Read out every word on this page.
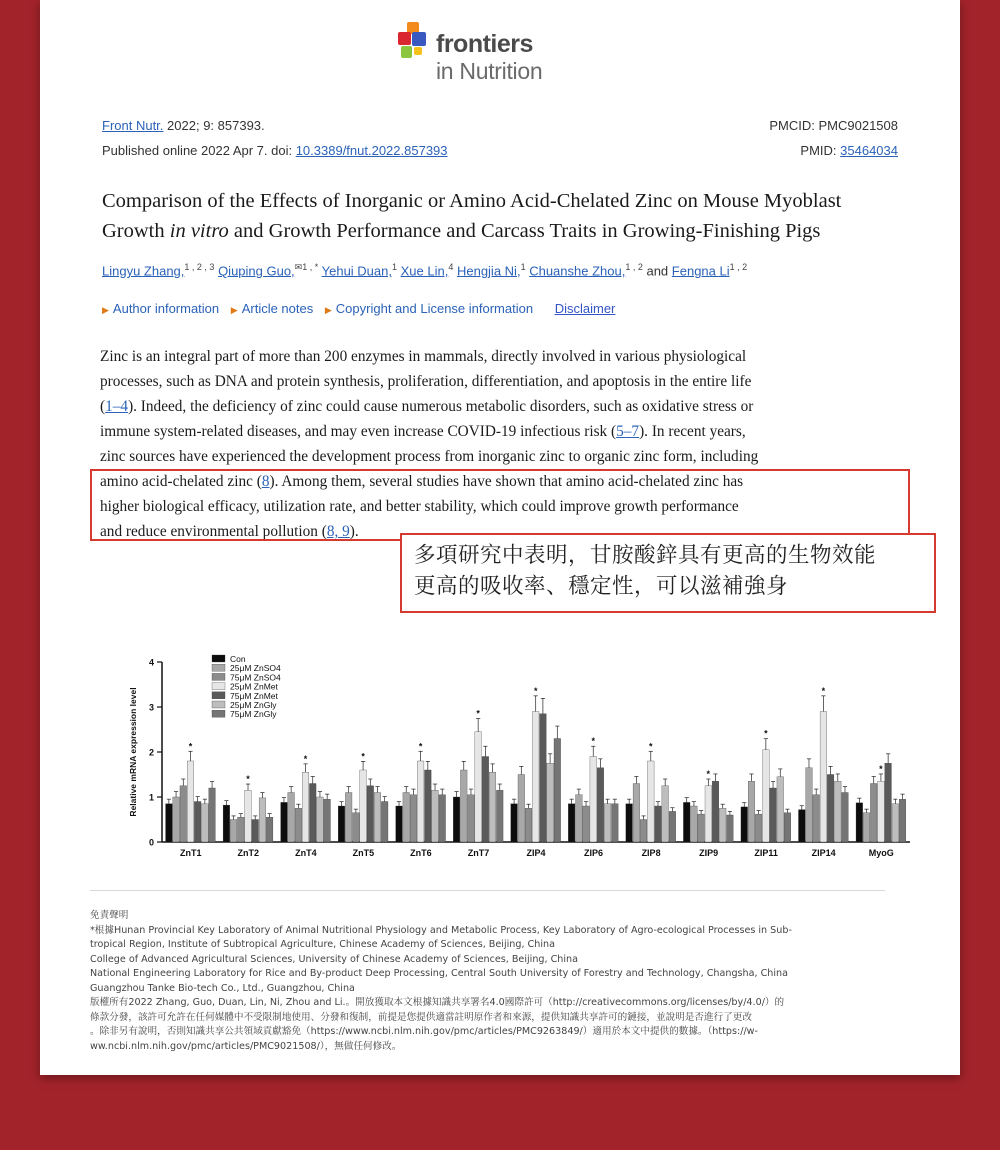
frontiers
in Nutrition
Front Nutr. 2022; 9: 857393.
Published online 2022 Apr 7. doi: 10.3389/fnut.2022.857393
PMCID: PMC9021508
PMID: 35464034
Comparison of the Effects of Inorganic or Amino Acid-Chelated Zinc on Mouse Myoblast
Growth in vitro and Growth Performance and Carcass Traits in Growing-Finishing Pigs
Lingyu Zhang,$^{1 , 2 , 3}$ Qiuping Guo,$^{✉1 , *}$ Yehui Duan,$^1$ Xue Lin,$^4$ Hengjia Ni,$^1$ Chuanshe Zhou,$^{1 , 2}$ and Fengna Li$^{1 , 2}$
▶ Author information ▶ Article notes ▶ Copyright and License information Disclaimer
Zinc is an integral part of more than 200 enzymes in mammals, directly involved in various physiological
processes, such as DNA and protein synthesis, proliferation, differentiation, and apoptosis in the entire life
(1–4). Indeed, the deficiency of zinc could cause numerous metabolic disorders, such as oxidative stress or
immune system-related diseases, and may even increase COVID-19 infectious risk (5–7). In recent years,
zinc sources have experienced the development process from inorganic zinc to organic zinc form, including
amino acid-chelated zinc (8). Among them, several studies have shown that amino acid-chelated zinc has
higher biological efficacy, utilization rate, and better stability, which could improve growth performance
and reduce environmental pollution (8, 9).
多項研究中表明，甘胺酸鋅具有更高的生物效能
更高的吸收率、穩定性，可以滋補強身
0
1
2
3
4
Relative mRNA expression level	*
ZnT1
*
ZnT2
*
ZnT4
*
ZnT5
*
ZnT6
*
ZnT7
*
ZIP4
*
ZIP6
*
ZIP8
*
ZIP9
*
ZIP11
*
ZIP14
*
MyoG
Con
25μM ZnSO4
75μM ZnSO4
25μM ZnMet
75μM ZnMet
25μM ZnGly
75μM ZnGly
免責聲明
*根據Hunan Provincial Key Laboratory of Animal Nutritional Physiology and Metabolic Process, Key Laboratory of Agro-ecological Processes in Sub-
tropical Region, Institute of Subtropical Agriculture, Chinese Academy of Sciences, Beijing, China
College of Advanced Agricultural Sciences, University of Chinese Academy of Sciences, Beijing, China
National Engineering Laboratory for Rice and By-product Deep Processing, Central South University of Forestry and Technology, Changsha, China
Guangzhou Tanke Bio-tech Co., Ltd., Guangzhou, China
版權所有2022 Zhang, Guo, Duan, Lin, Ni, Zhou and Li.。開放獲取本文根據知識共享署名4.0國際許可（http://creativecommons.org/licenses/by/4.0/）的
條款分發，該許可允許在任何媒體中不受限制地使用、分發和復制，前提是您提供適當註明原作者和來源，提供知識共享許可的鏈接，並說明是否進行了更改
。除非另有說明，否則知識共享公共領域貢獻豁免（https://www.ncbi.nlm.nih.gov/pmc/articles/PMC9263849/）適用於本文中提供的數據。（https://w-
ww.ncbi.nlm.nih.gov/pmc/articles/PMC9021508/），無做任何修改。
